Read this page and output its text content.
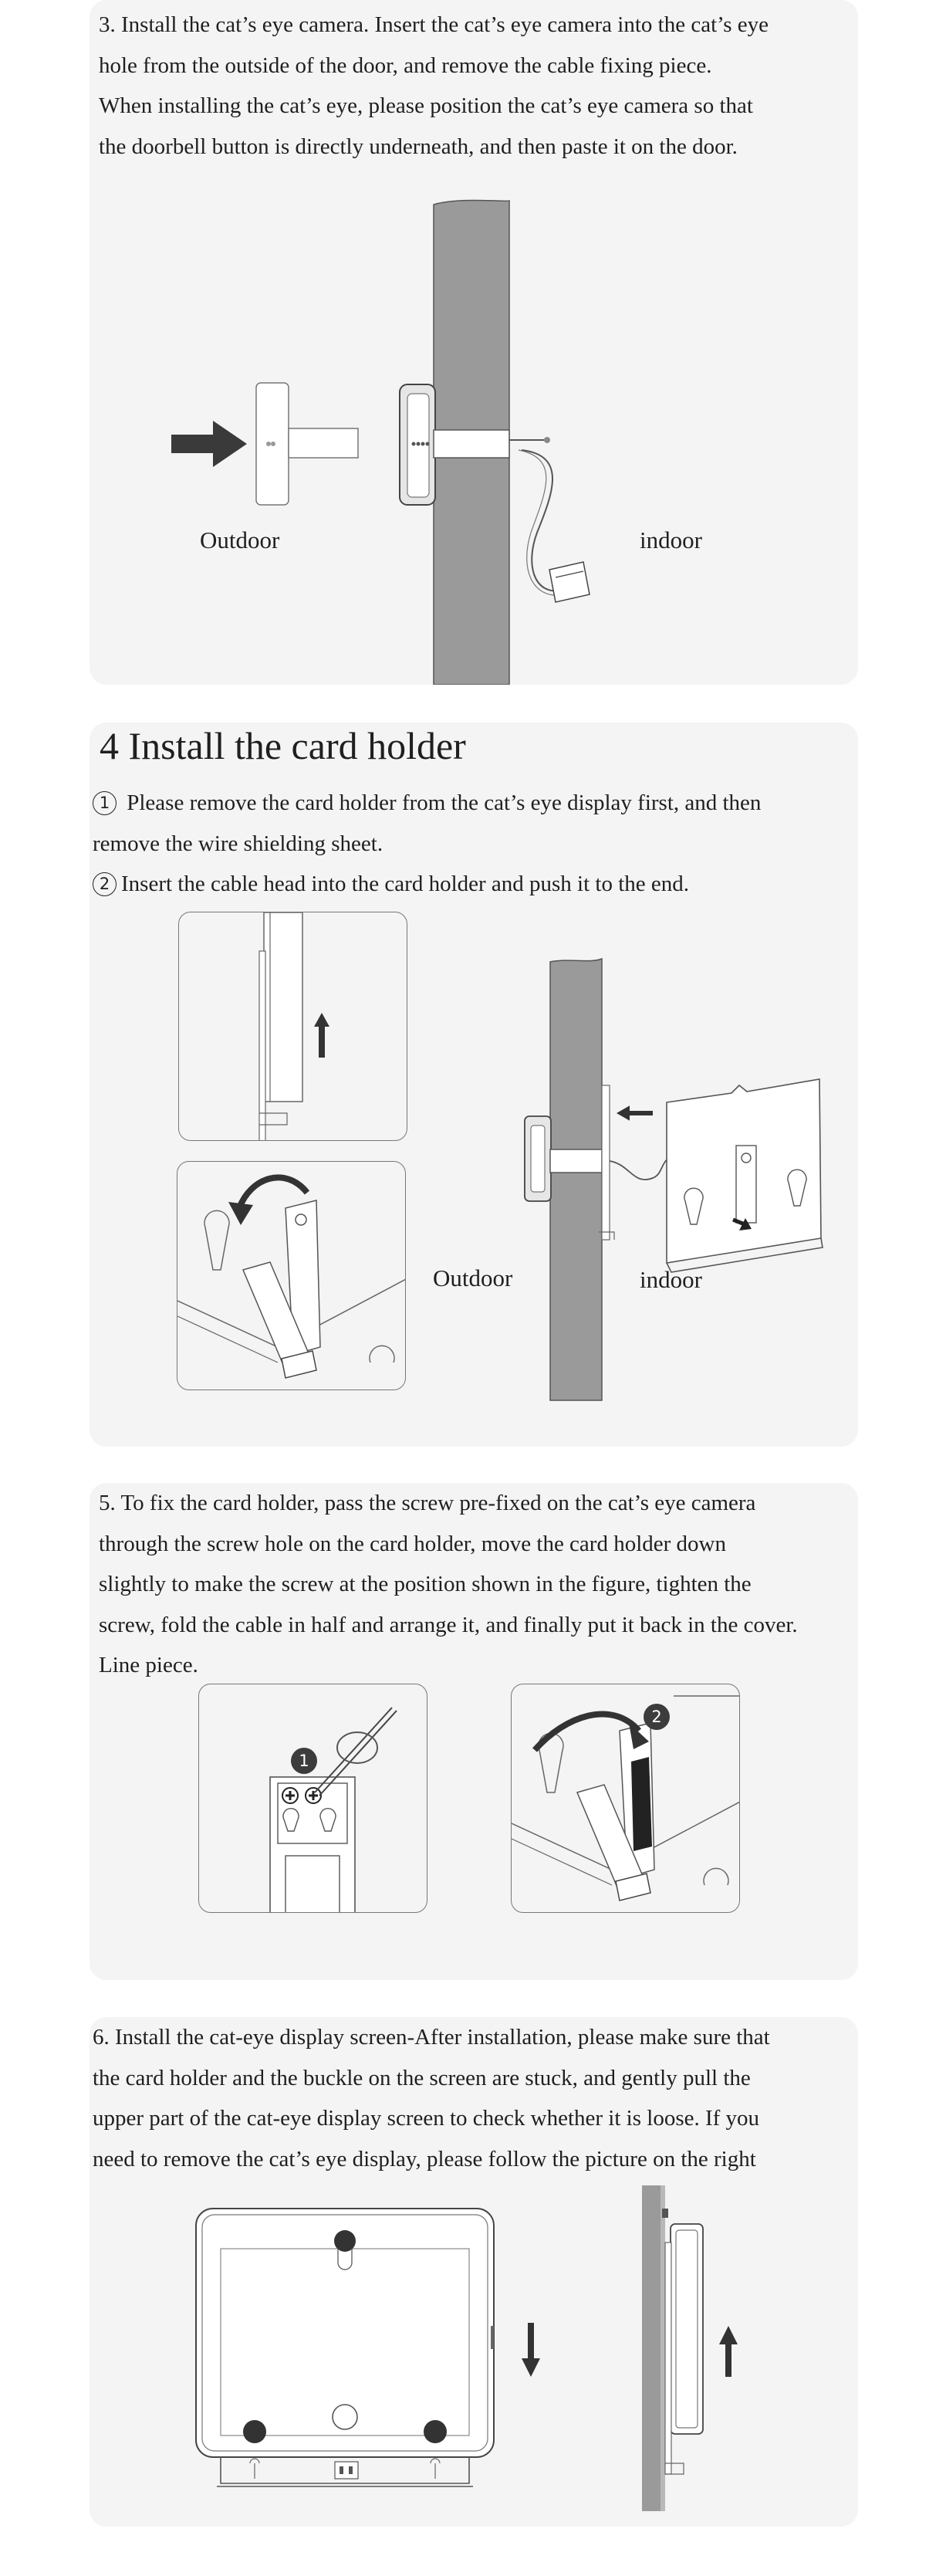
3. Install the cat’s eye camera. Insert the cat’s eye camera into the cat’s eye

hole from the outside of the door, and remove the cable fixing piece.

When installing the cat’s eye, please position the cat’s eye camera so that

the doorbell button is directly underneath, and then paste it on the door.

Outdoor	indoor
4 Install the card holder

1 Please remove the card holder from the cat’s eye display first, and then

remove the wire shielding sheet.

2 Insert the cable head into the card holder and push it to the end.

Outdoor	indoor

5. To fix the card holder, pass the screw pre-fixed on the cat’s eye camera

through the screw hole on the card holder, move the card holder down

slightly to make the screw at the position shown in the figure, tighten the

screw, fold the cable in half and arrange it, and finally put it back in the cover.

Line piece.

1
2

6. Install the cat-eye display screen-After installation, please make sure that

the card holder and the buckle on the screen are stuck, and gently pull the

upper part of the cat-eye display screen to check whether it is loose. If you

need to remove the cat’s eye display, please follow the picture on the right
